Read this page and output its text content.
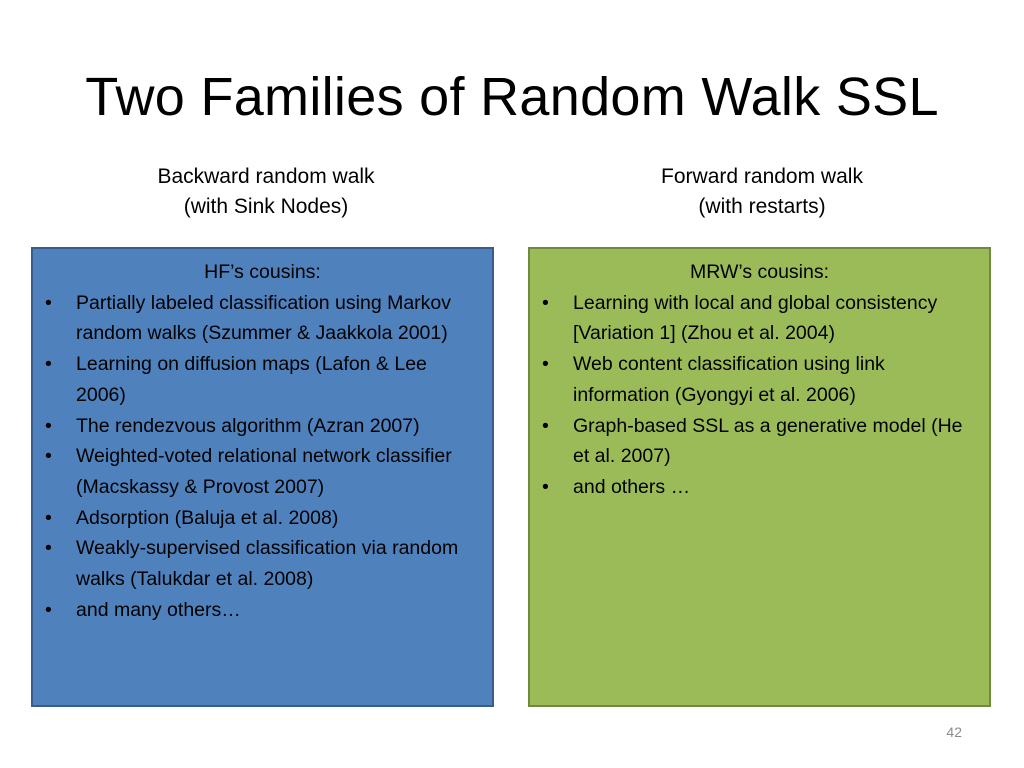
Two Families of Random Walk SSL
Backward random walk
(with Sink Nodes)
Forward random walk
(with restarts)
HF’s cousins:
• Partially labeled classification using Markov random walks (Szummer & Jaakkola 2001)
• Learning on diffusion maps (Lafon & Lee 2006)
• The rendezvous algorithm (Azran 2007)
• Weighted-voted relational network classifier (Macskassy & Provost 2007)
• Adsorption (Baluja et al. 2008)
• Weakly-supervised classification via random walks (Talukdar et al. 2008)
• and many others…
MRW’s cousins:
• Learning with local and global consistency [Variation 1] (Zhou et al. 2004)
• Web content classification using link information (Gyongyi et al. 2006)
• Graph-based SSL as a generative model (He et al. 2007)
• and others …
42
